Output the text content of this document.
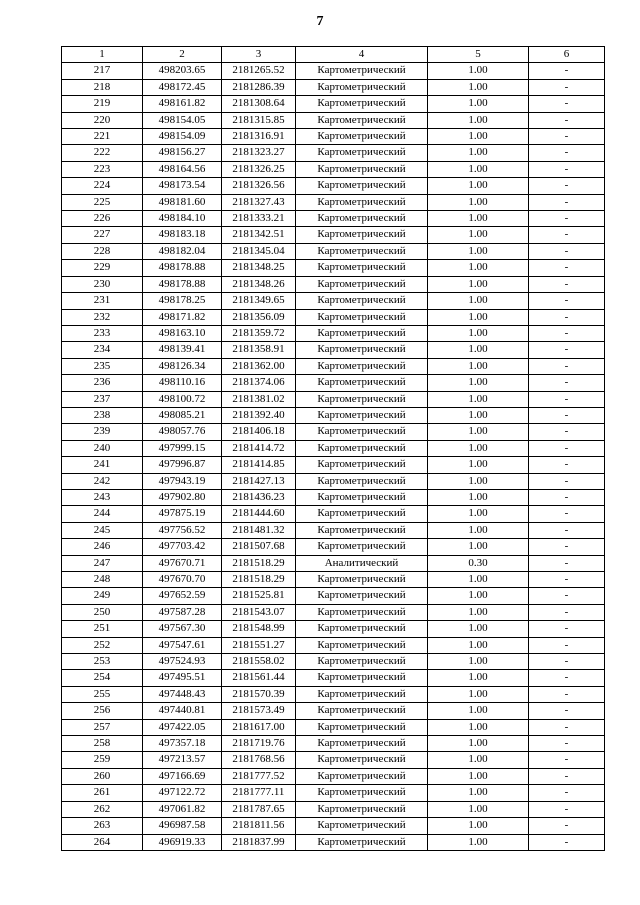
7
1	2	3	4	5	6
217	498203.65	2181265.52	Картометрический	1.00	-
218	498172.45	2181286.39	Картометрический	1.00	-
219	498161.82	2181308.64	Картометрический	1.00	-
220	498154.05	2181315.85	Картометрический	1.00	-
221	498154.09	2181316.91	Картометрический	1.00	-
222	498156.27	2181323.27	Картометрический	1.00	-
223	498164.56	2181326.25	Картометрический	1.00	-
224	498173.54	2181326.56	Картометрический	1.00	-
225	498181.60	2181327.43	Картометрический	1.00	-
226	498184.10	2181333.21	Картометрический	1.00	-
227	498183.18	2181342.51	Картометрический	1.00	-
228	498182.04	2181345.04	Картометрический	1.00	-
229	498178.88	2181348.25	Картометрический	1.00	-
230	498178.88	2181348.26	Картометрический	1.00	-
231	498178.25	2181349.65	Картометрический	1.00	-
232	498171.82	2181356.09	Картометрический	1.00	-
233	498163.10	2181359.72	Картометрический	1.00	-
234	498139.41	2181358.91	Картометрический	1.00	-
235	498126.34	2181362.00	Картометрический	1.00	-
236	498110.16	2181374.06	Картометрический	1.00	-
237	498100.72	2181381.02	Картометрический	1.00	-
238	498085.21	2181392.40	Картометрический	1.00	-
239	498057.76	2181406.18	Картометрический	1.00	-
240	497999.15	2181414.72	Картометрический	1.00	-
241	497996.87	2181414.85	Картометрический	1.00	-
242	497943.19	2181427.13	Картометрический	1.00	-
243	497902.80	2181436.23	Картометрический	1.00	-
244	497875.19	2181444.60	Картометрический	1.00	-
245	497756.52	2181481.32	Картометрический	1.00	-
246	497703.42	2181507.68	Картометрический	1.00	-
247	497670.71	2181518.29	Аналитический	0.30	-
248	497670.70	2181518.29	Картометрический	1.00	-
249	497652.59	2181525.81	Картометрический	1.00	-
250	497587.28	2181543.07	Картометрический	1.00	-
251	497567.30	2181548.99	Картометрический	1.00	-
252	497547.61	2181551.27	Картометрический	1.00	-
253	497524.93	2181558.02	Картометрический	1.00	-
254	497495.51	2181561.44	Картометрический	1.00	-
255	497448.43	2181570.39	Картометрический	1.00	-
256	497440.81	2181573.49	Картометрический	1.00	-
257	497422.05	2181617.00	Картометрический	1.00	-
258	497357.18	2181719.76	Картометрический	1.00	-
259	497213.57	2181768.56	Картометрический	1.00	-
260	497166.69	2181777.52	Картометрический	1.00	-
261	497122.72	2181777.11	Картометрический	1.00	-
262	497061.82	2181787.65	Картометрический	1.00	-
263	496987.58	2181811.56	Картометрический	1.00	-
264	496919.33	2181837.99	Картометрический	1.00	-
